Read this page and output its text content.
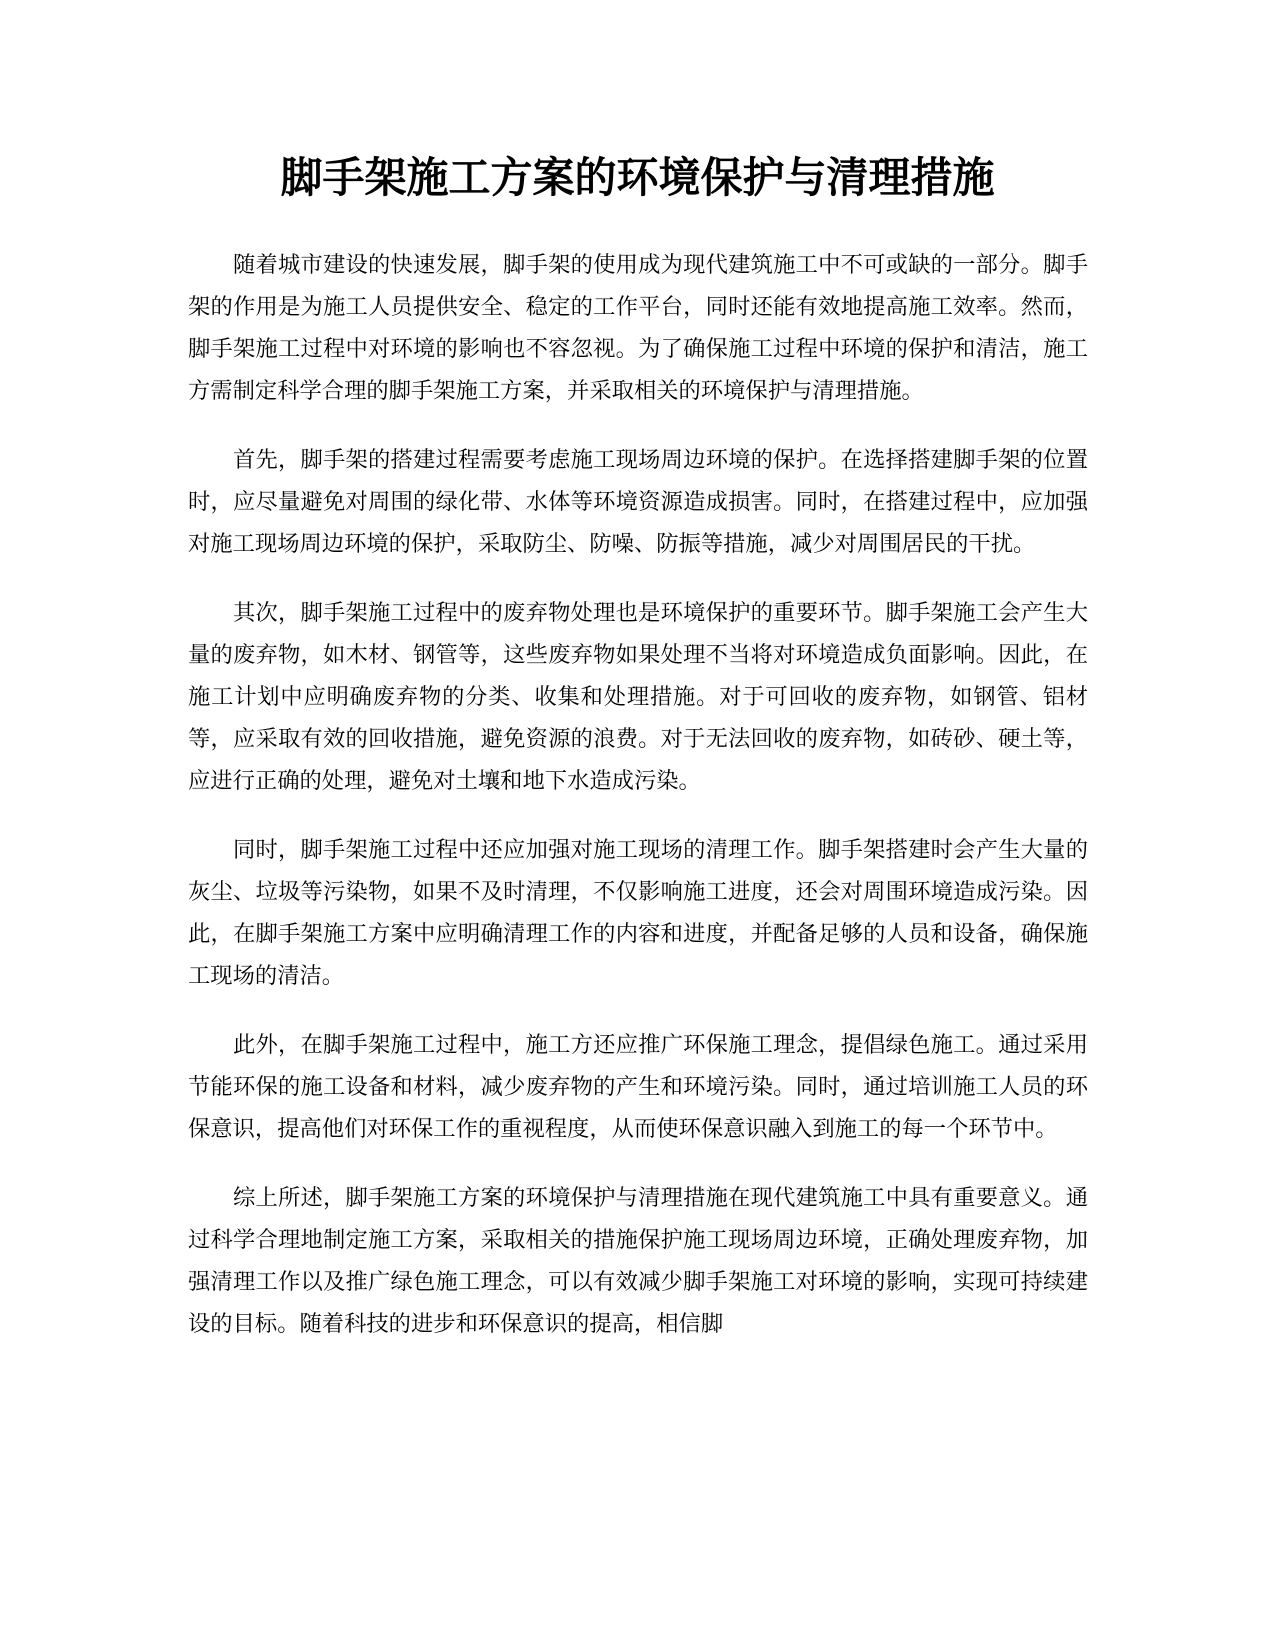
脚手架施工方案的环境保护与清理措施

随着城市建设的快速发展，脚手架的使用成为现代建筑施工中不可或缺的一部分。脚手架的作用是为施工人员提供安全、稳定的工作平台，同时还能有效地提高施工效率。然而，脚手架施工过程中对环境的影响也不容忽视。为了确保施工过程中环境的保护和清洁，施工方需制定科学合理的脚手架施工方案，并采取相关的环境保护与清理措施。

首先，脚手架的搭建过程需要考虑施工现场周边环境的保护。在选择搭建脚手架的位置时，应尽量避免对周围的绿化带、水体等环境资源造成损害。同时，在搭建过程中，应加强对施工现场周边环境的保护，采取防尘、防噪、防振等措施，减少对周围居民的干扰。

其次，脚手架施工过程中的废弃物处理也是环境保护的重要环节。脚手架施工会产生大量的废弃物，如木材、钢管等，这些废弃物如果处理不当将对环境造成负面影响。因此，在施工计划中应明确废弃物的分类、收集和处理措施。对于可回收的废弃物，如钢管、铝材等，应采取有效的回收措施，避免资源的浪费。对于无法回收的废弃物，如砖砂、硬土等，应进行正确的处理，避免对土壤和地下水造成污染。

同时，脚手架施工过程中还应加强对施工现场的清理工作。脚手架搭建时会产生大量的灰尘、垃圾等污染物，如果不及时清理，不仅影响施工进度，还会对周围环境造成污染。因此，在脚手架施工方案中应明确清理工作的内容和进度，并配备足够的人员和设备，确保施工现场的清洁。

此外，在脚手架施工过程中，施工方还应推广环保施工理念，提倡绿色施工。通过采用节能环保的施工设备和材料，减少废弃物的产生和环境污染。同时，通过培训施工人员的环保意识，提高他们对环保工作的重视程度，从而使环保意识融入到施工的每一个环节中。

综上所述，脚手架施工方案的环境保护与清理措施在现代建筑施工中具有重要意义。通过科学合理地制定施工方案，采取相关的措施保护施工现场周边环境，正确处理废弃物，加强清理工作以及推广绿色施工理念，可以有效减少脚手架施工对环境的影响，实现可持续建设的目标。随着科技的进步和环保意识的提高，相信脚
